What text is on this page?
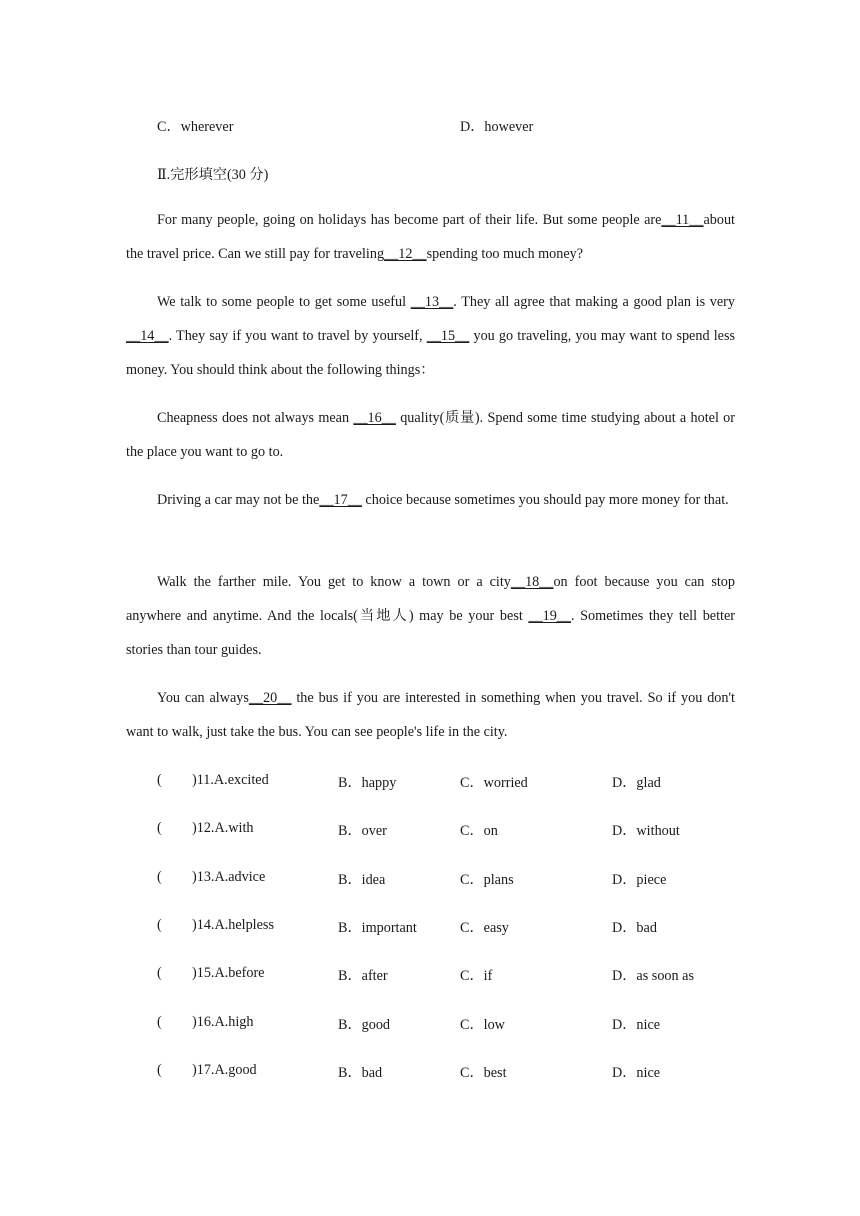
C．wherever	D．however
Ⅱ.完形填空(30 分)

For many people, going on holidays has become part of their life. But some people are__11__about the travel price. Can we still pay for traveling__12__spending too much money?

We talk to some people to get some useful __13__. They all agree that making a good plan is very __14__. They say if you want to travel by yourself, __15__ you go traveling, you may want to spend less money. You should think about the following things：

Cheapness does not always mean __16__ quality(质量). Spend some time studying about a hotel or the place you want to go to.

Driving a car may not be the__17__ choice because sometimes you should pay more money for that.

Walk the farther mile. You get to know a town or a city__18__on foot because you can stop anywhere and anytime. And the locals(当地人) may be your best __19__. Sometimes they tell better stories than tour guides.

You can always__20__ the bus if you are interested in something when you travel. So if you don't want to walk, just take the bus. You can see people's life in the city.

( )11.A.excited	B．happy	C．worried	D．glad
( )12.A.with	B．over	C．on	D．without
( )13.A.advice	B．idea	C．plans	D．piece
( )14.A.helpless	B．important	C．easy	D．bad
( )15.A.before	B．after	C．if	D．as soon as
( )16.A.high	B．good	C．low	D．nice
( )17.A.good	B．bad	C．best	D．nice
